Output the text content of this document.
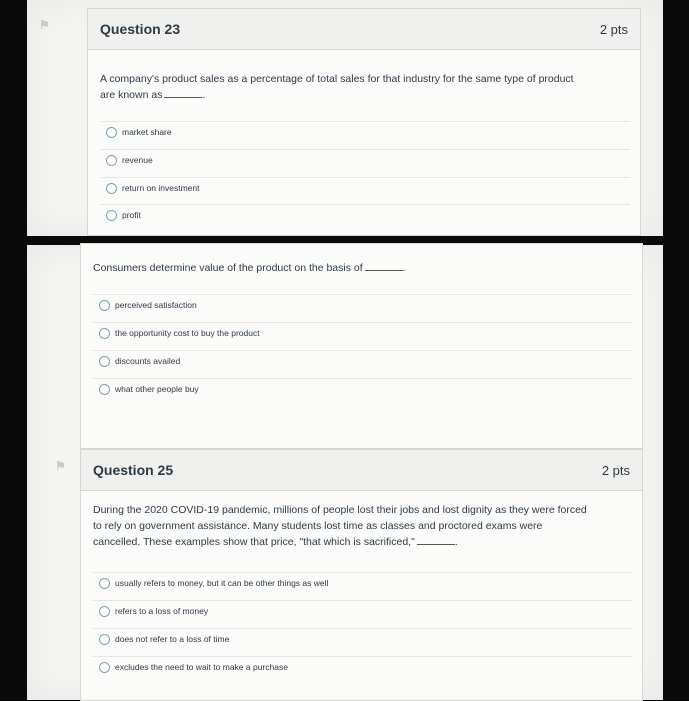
⚑	Question 23	2 pts
A company's product sales as a percentage of total sales for that industry for the same type of product are known as	.
market share
revenue
return on investment
profit
Consumers determine value of the product on the basis of	.
perceived satisfaction
the opportunity cost to buy the product
discounts availed
what other people buy
⚑ Question 25	2 pts
During the 2020 COVID-19 pandemic, millions of people lost their jobs and lost dignity as they were forced to rely on government assistance. Many students lost time as classes and proctored exams were cancelled. These examples show that price, "that which is sacrificed,"	.
usually refers to money, but it can be other things as well
refers to a loss of money
does not refer to a loss of time
excludes the need to wait to make a purchase
